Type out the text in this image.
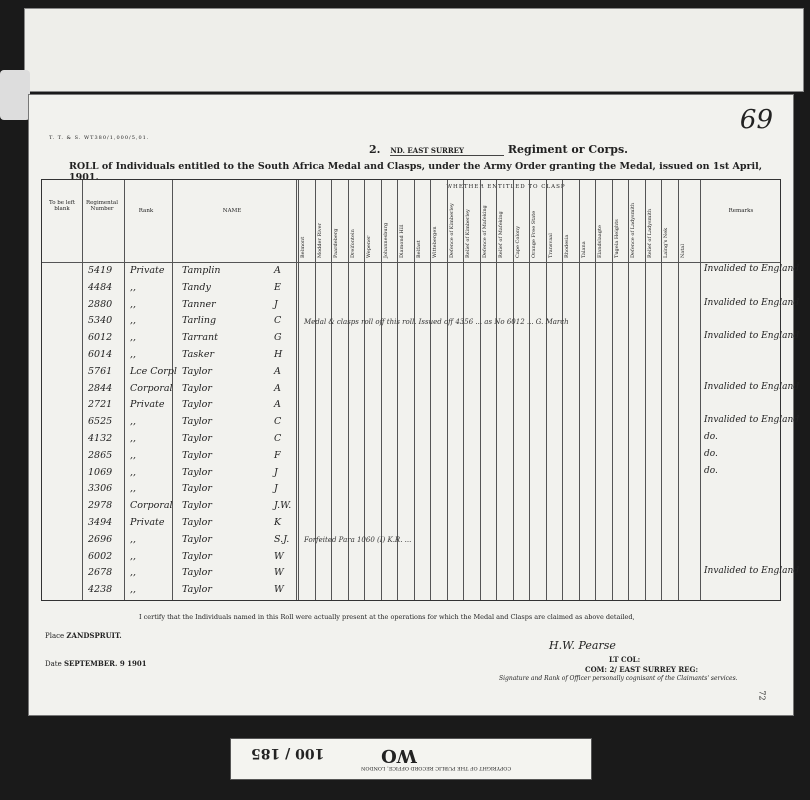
T. T. & S. WT380/1,000/5,01.
69
2. ND. EAST SURREY	Regiment or Corps.
ROLL of Individuals entitled to the South Africa Medal and Clasps, under the Army Order granting the Medal, issued on 1st April, 1901.
To be left blank
Regimental Number	Rank	NAME
WHETHER ENTITLED TO CLASP
Remarks
Belmont	Modder River	Paardeberg	Dreifontein	Wepener	Johannesburg	Diamond Hill	Belfast	Wittebergen	Defence of Kimberley	Relief of Kimberley	Defence of Mafeking	Relief of Mafeking	Cape Colony	Orange Free State	Transvaal	Rhodesia	Talana	Elandslaagte	Tugela Heights	Defence of Ladysmith	Relief of Ladysmith	Laing's Nek	Natal
5419 Private Tamplin	A	Invalided to England
4484 ,,	Tandy	E
2880 ,,	Tanner	J	Invalided to England
5340 ,,	Tarling	C
6012 ,,	Tarrant	G	Invalided to England
6014 ,,	Tasker	H
5761 Lce Corpl Taylor	A
2844 Corporal Taylor	A	Invalided to England
2721 Private Taylor	A
6525 ,,	Taylor	C	Invalided to England
4132 ,,	Taylor	C	do.
2865 ,,	Taylor	F	do.
1069 ,,	Taylor	J	do.
3306 ,,	Taylor	J
2978 Corporal Taylor	J.W.
3494 Private Taylor	K
2696 ,,	Taylor	S.J.
6002 ,,	Taylor	W
2678 ,,	Taylor	W	Invalided to England
4238 ,,	Taylor	W
Medal & clasps roll off this roll. Issued off 4356 ... as No 6012 ... G. March
Forfeited Para 1060 (I) K.R. ...
I certify that the Individuals named in this Roll were actually present at the operations for which the Medal and Clasps are claimed as above detailed,
Place ZANDSPRUIT.
Date SEPTEMBER. 9 1901
H.W. Pearse
LT COL:
COM: 2/ EAST SURREY REG:
Signature and Rank of Officer personally cognisant of the Claimants' services.
72
100 / 185	WO
COPYRIGHT OF THE PUBLIC RECORD OFFICE, LONDON
